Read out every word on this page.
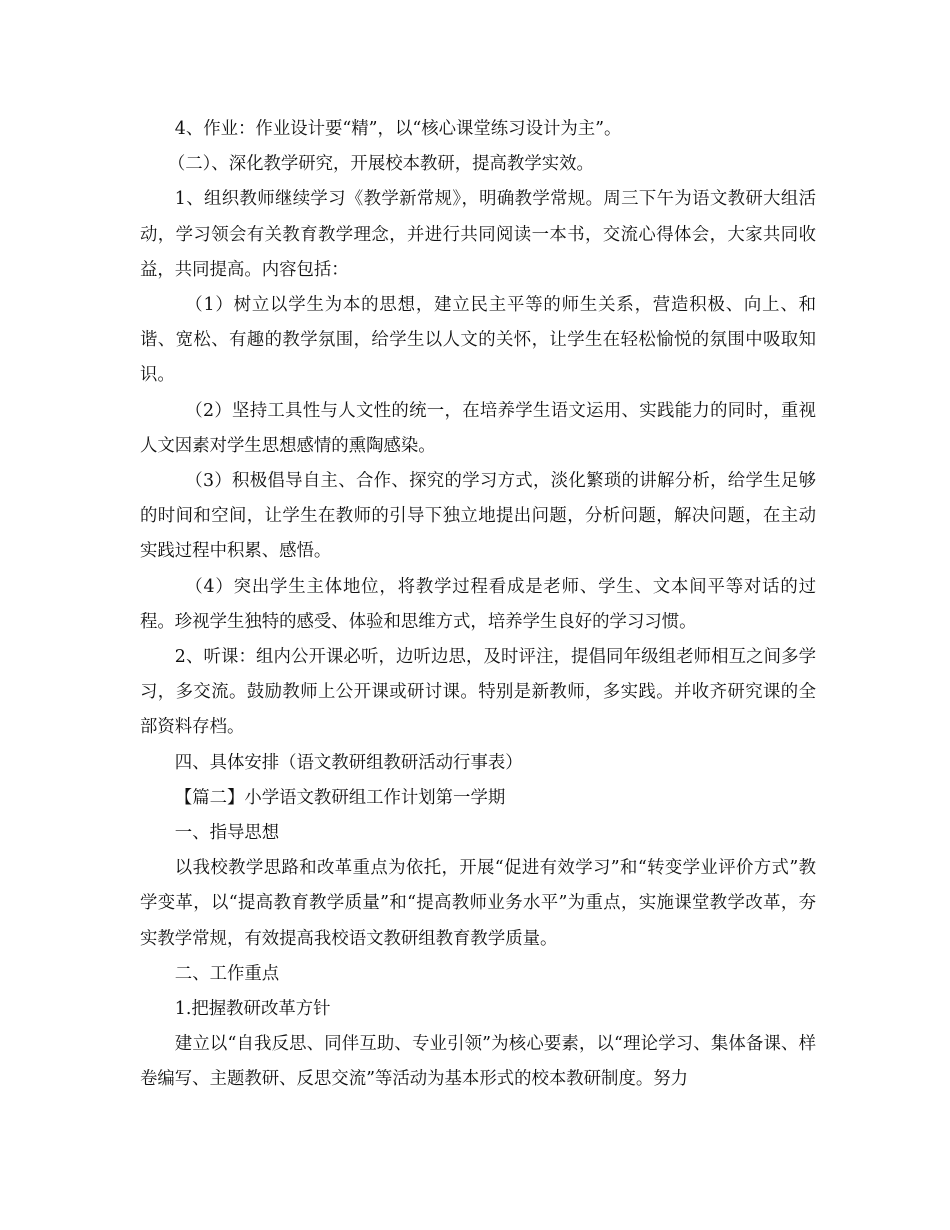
4、作业：作业设计要“精”，以“核心课堂练习设计为主”。

（二）、深化教学研究，开展校本教研，提高教学实效。

1、组织教师继续学习《教学新常规》，明确教学常规。周三下午为语文教研大组活动，学习领会有关教育教学理念，并进行共同阅读一本书，交流心得体会，大家共同收益，共同提高。内容包括：

（1）树立以学生为本的思想，建立民主平等的师生关系，营造积极、向上、和谐、宽松、有趣的教学氛围，给学生以人文的关怀，让学生在轻松愉悦的氛围中吸取知识。

（2）坚持工具性与人文性的统一，在培养学生语文运用、实践能力的同时，重视人文因素对学生思想感情的熏陶感染。

（3）积极倡导自主、合作、探究的学习方式，淡化繁琐的讲解分析，给学生足够的时间和空间，让学生在教师的引导下独立地提出问题，分析问题，解决问题，在主动实践过程中积累、感悟。

（4）突出学生主体地位，将教学过程看成是老师、学生、文本间平等对话的过程。珍视学生独特的感受、体验和思维方式，培养学生良好的学习习惯。

2、听课：组内公开课必听，边听边思，及时评注，提倡同年级组老师相互之间多学习，多交流。鼓励教师上公开课或研讨课。特别是新教师，多实践。并收齐研究课的全部资料存档。

四、具体安排（语文教研组教研活动行事表）

【篇二】小学语文教研组工作计划第一学期

一、指导思想

以我校教学思路和改革重点为依托，开展“促进有效学习”和“转变学业评价方式”教学变革，以“提高教育教学质量”和“提高教师业务水平”为重点，实施课堂教学改革，夯实教学常规，有效提高我校语文教研组教育教学质量。

二、工作重点

1.把握教研改革方针

建立以“自我反思、同伴互助、专业引领”为核心要素，以“理论学习、集体备课、样卷编写、主题教研、反思交流”等活动为基本形式的校本教研制度。努力
